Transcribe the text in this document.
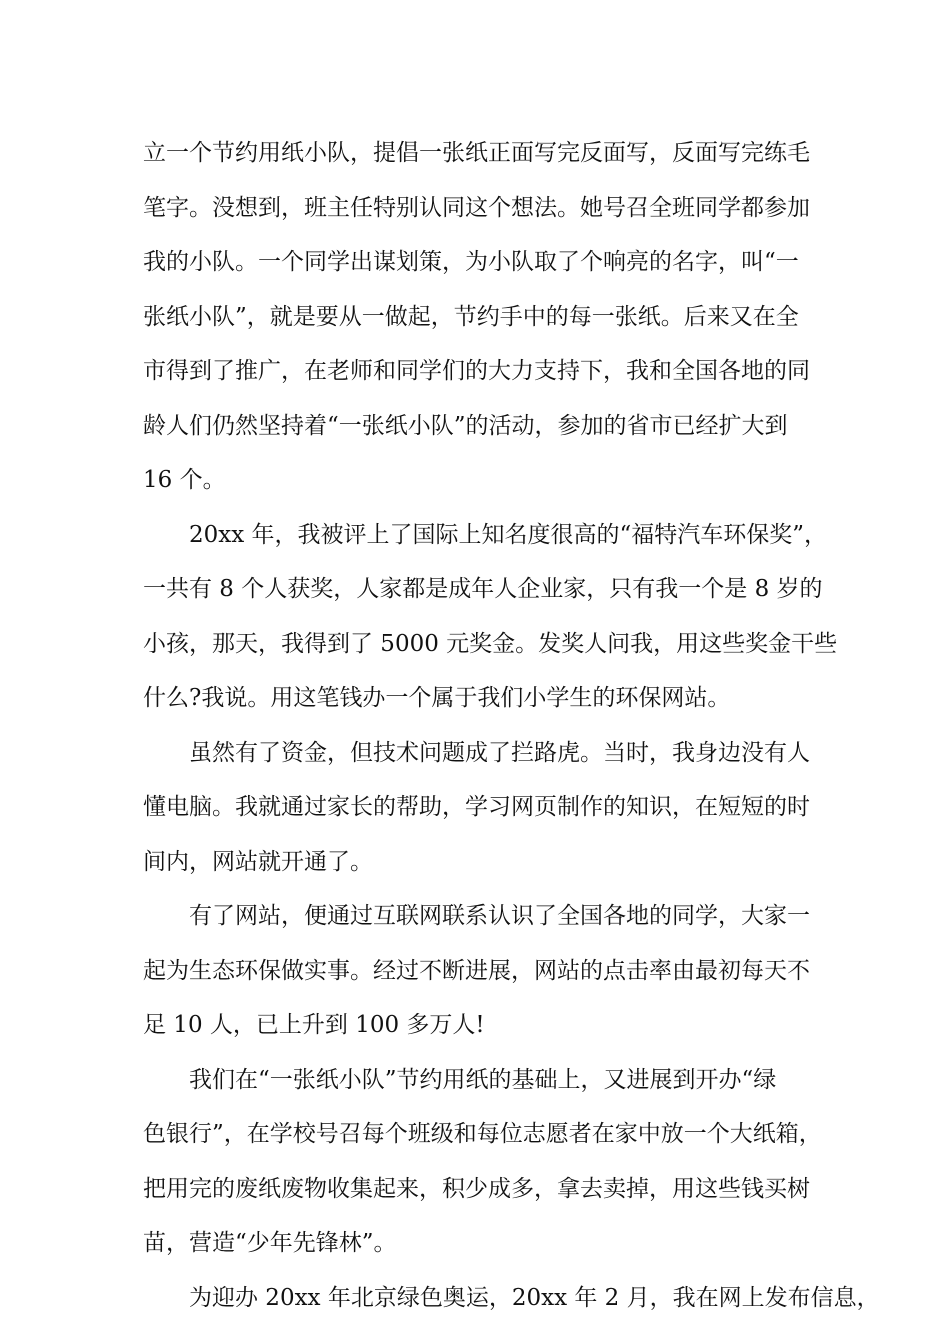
立一个节约用纸小队，提倡一张纸正面写完反面写，反面写完练毛
笔字。没想到，班主任特别认同这个想法。她号召全班同学都参加
我的小队。一个同学出谋划策，为小队取了个响亮的名字，叫“一
张纸小队”，就是要从一做起，节约手中的每一张纸。后来又在全
市得到了推广，在老师和同学们的大力支持下，我和全国各地的同
龄人们仍然坚持着“一张纸小队”的活动，参加的省市已经扩大到
16 个。
　　20xx 年，我被评上了国际上知名度很高的“福特汽车环保奖”，
一共有 8 个人获奖，人家都是成年人企业家，只有我一个是 8 岁的
小孩，那天，我得到了 5000 元奖金。发奖人问我，用这些奖金干些
什么?我说。用这笔钱办一个属于我们小学生的环保网站。
　　虽然有了资金，但技术问题成了拦路虎。当时，我身边没有人
懂电脑。我就通过家长的帮助，学习网页制作的知识，在短短的时
间内，网站就开通了。
　　有了网站，便通过互联网联系认识了全国各地的同学，大家一
起为生态环保做实事。经过不断进展，网站的点击率由最初每天不
足 10 人，已上升到 100 多万人!
　　我们在“一张纸小队”节约用纸的基础上，又进展到开办“绿
色银行”，在学校号召每个班级和每位志愿者在家中放一个大纸箱，
把用完的废纸废物收集起来，积少成多，拿去卖掉，用这些钱买树
苗，营造“少年先锋林”。
　　为迎办 20xx 年北京绿色奥运，20xx 年 2 月，我在网上发布信息，
